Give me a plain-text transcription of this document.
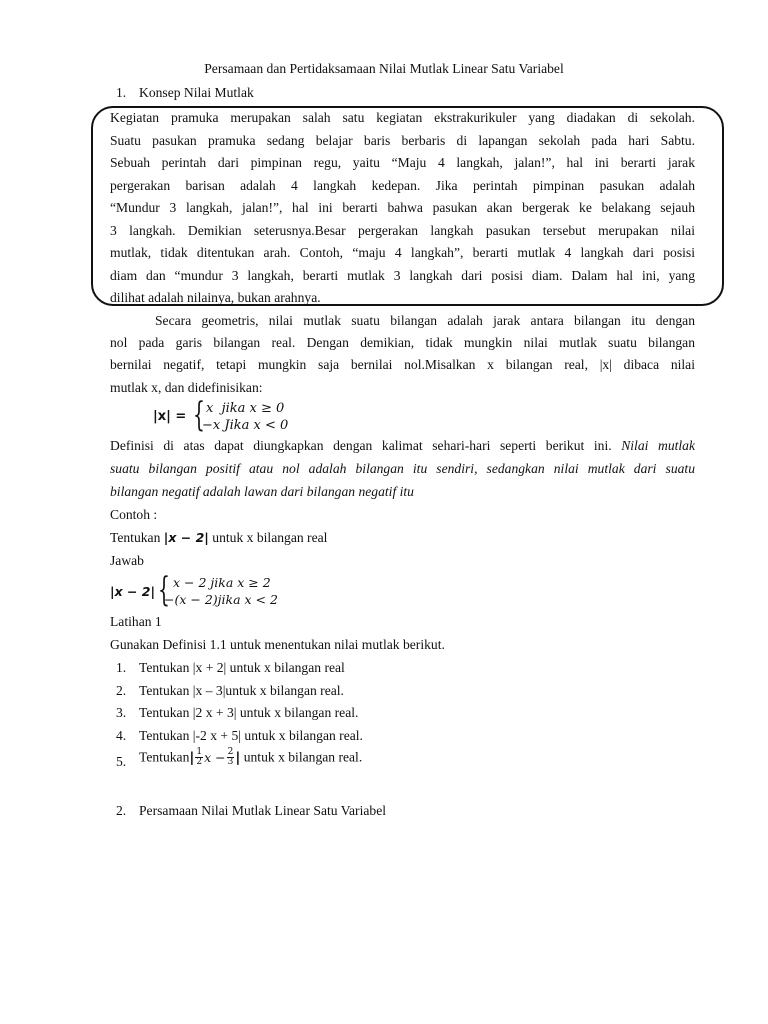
Persamaan dan Pertidaksamaan Nilai Mutlak Linear Satu Variabel
1. Konsep Nilai Mutlak
Kegiatan pramuka merupakan salah satu kegiatan ekstrakurikuler yang diadakan di sekolah.
Suatu pasukan pramuka sedang belajar baris berbaris di lapangan sekolah pada hari Sabtu.
Sebuah perintah dari pimpinan regu, yaitu “Maju 4 langkah, jalan!”, hal ini berarti jarak
pergerakan barisan adalah 4 langkah kedepan. Jika perintah pimpinan pasukan adalah
“Mundur 3 langkah, jalan!”, hal ini berarti bahwa pasukan akan bergerak ke belakang sejauh
3 langkah. Demikian seterusnya.Besar pergerakan langkah pasukan tersebut merupakan nilai
mutlak, tidak ditentukan arah. Contoh, “maju 4 langkah”, berarti mutlak 4 langkah dari posisi
diam dan “mundur 3 langkah, berarti mutlak 3 langkah dari posisi diam. Dalam hal ini, yang
dilihat adalah nilainya, bukan arahnya.
Secara geometris, nilai mutlak suatu bilangan adalah jarak antara bilangan itu dengan
nol pada garis bilangan real. Dengan demikian, tidak mungkin nilai mutlak suatu bilangan
bernilai negatif, tetapi mungkin saja bernilai nol.Misalkan x bilangan real, |x| dibaca nilai
mutlak x, dan didefinisikan:
|x| = { x jika x ≥ 0
−x Jika x < 0
Definisi di atas dapat diungkapkan dengan kalimat sehari-hari seperti berikut ini. Nilai mutlak
suatu bilangan positif atau nol adalah bilangan itu sendiri, sedangkan nilai mutlak dari suatu
bilangan negatif adalah lawan dari bilangan negatif itu
Contoh :
Tentukan |x − 2| untuk x bilangan real
Jawab
|x − 2| { x − 2 jika x ≥ 2
−(x − 2)jika x < 2
Latihan 1
Gunakan Definisi 1.1 untuk menentukan nilai mutlak berikut.
1. Tentukan |x + 2| untuk x bilangan real
2. Tentukan |x – 3|untuk x bilangan real.
3. Tentukan |2 x + 3| untuk x bilangan real.
4. Tentukan |-2 x + 5| untuk x bilangan real.
5. Tentukan| $\frac{1}{2}$ $x - \frac{2}{3}$ | untuk x bilangan real.
2. Persamaan Nilai Mutlak Linear Satu Variabel
